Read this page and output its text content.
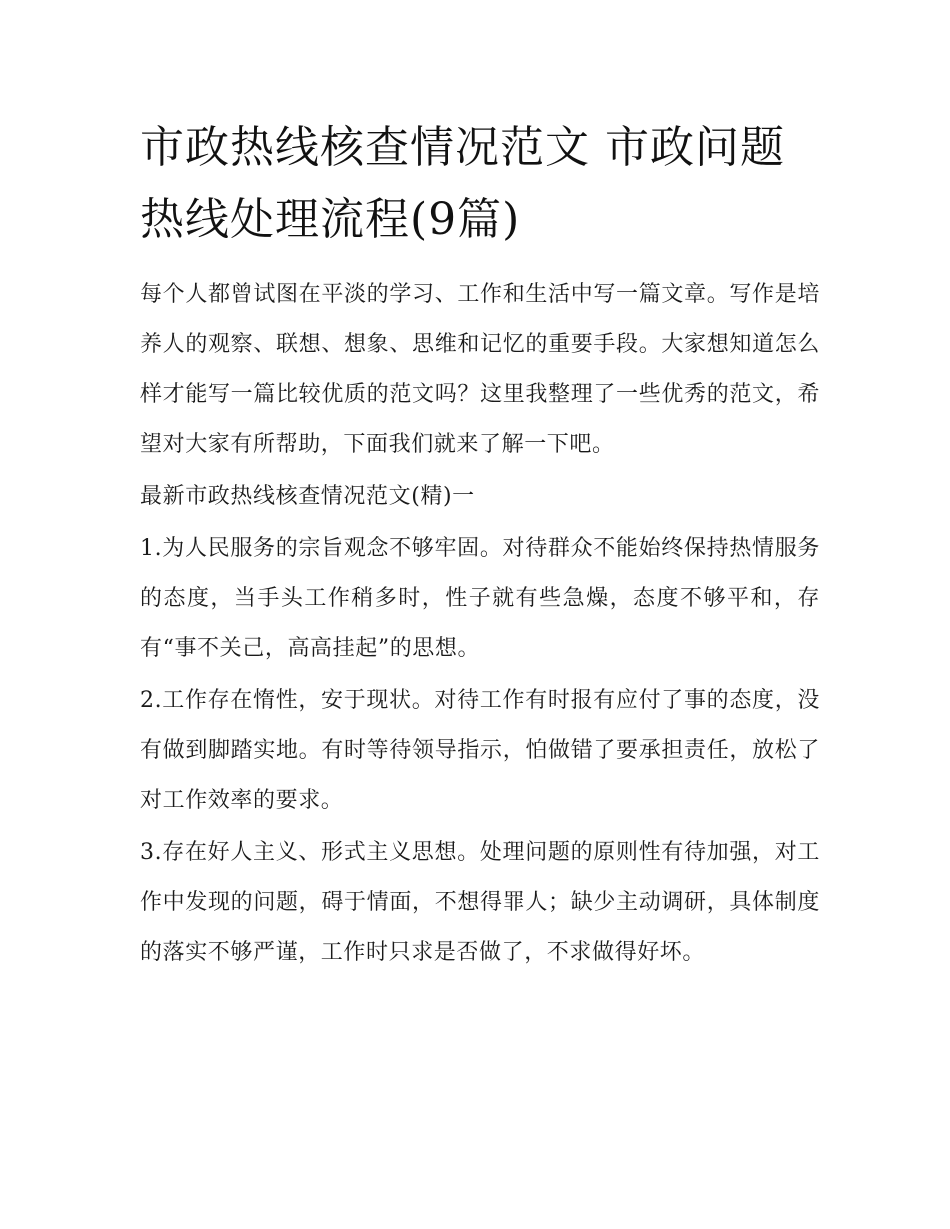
市政热线核查情况范文 市政问题热线处理流程(9篇)

每个人都曾试图在平淡的学习、工作和生活中写一篇文章。写作是培养人的观察、联想、想象、思维和记忆的重要手段。大家想知道怎么样才能写一篇比较优质的范文吗？这里我整理了一些优秀的范文，希望对大家有所帮助，下面我们就来了解一下吧。

最新市政热线核查情况范文(精)一

1.为人民服务的宗旨观念不够牢固。对待群众不能始终保持热情服务的态度，当手头工作稍多时，性子就有些急燥，态度不够平和，存有“事不关己，高高挂起”的思想。

2.工作存在惰性，安于现状。对待工作有时报有应付了事的态度，没有做到脚踏实地。有时等待领导指示，怕做错了要承担责任，放松了对工作效率的要求。

3.存在好人主义、形式主义思想。处理问题的原则性有待加强，对工作中发现的问题，碍于情面，不想得罪人；缺少主动调研，具体制度的落实不够严谨，工作时只求是否做了，不求做得好坏。
